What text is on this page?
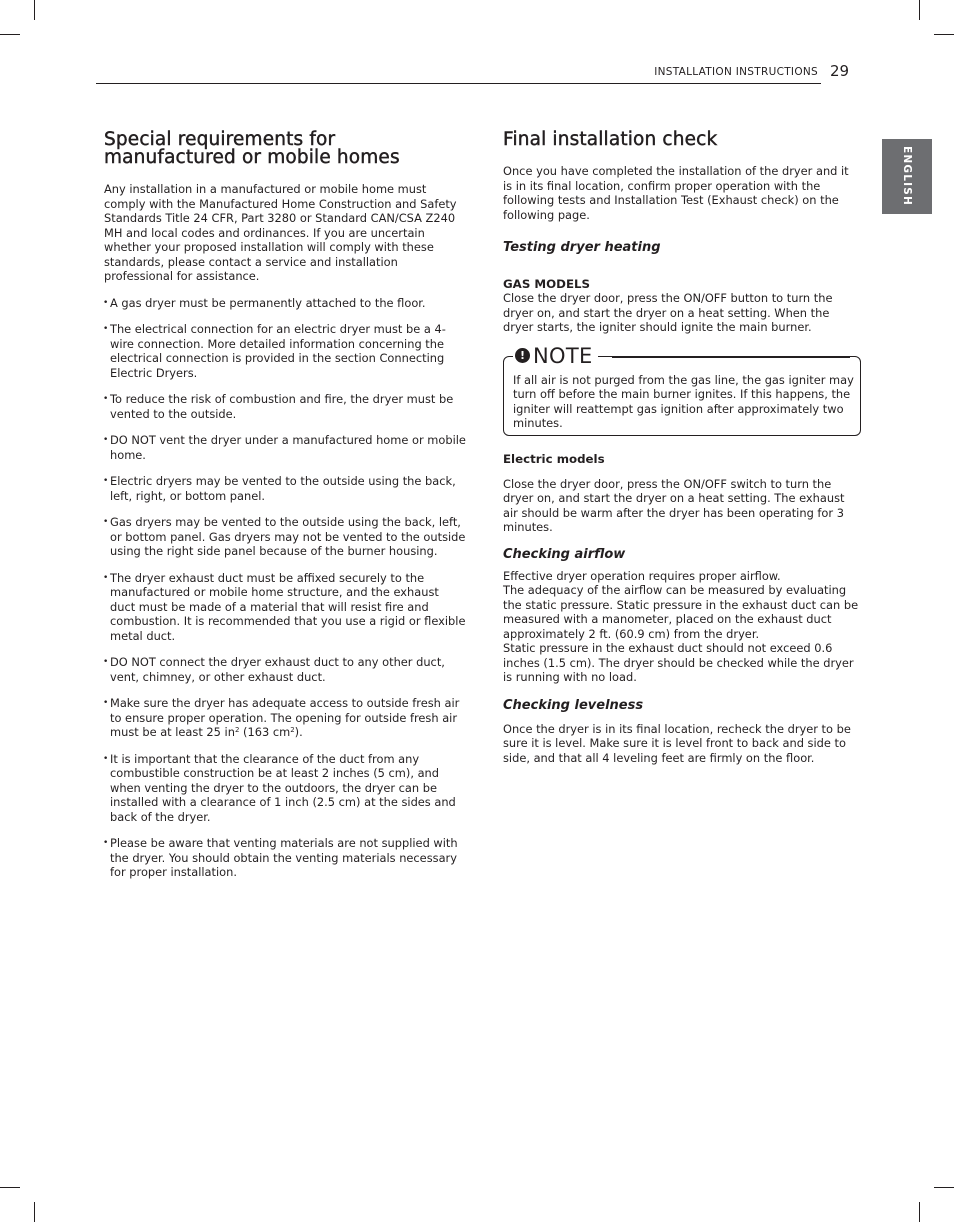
INSTALLATION INSTRUCTIONS 29
ENGLISH
Special requirements for
manufactured or mobile homes

Any installation in a manufactured or mobile home must comply with the Manufactured Home Construction and Safety Standards Title 24 CFR, Part 3280 or Standard CAN/CSA Z240 MH and local codes and ordinances. If you are uncertain whether your proposed installation will comply with these standards, please contact a service and installation professional for assistance.

• A gas dryer must be permanently attached to the floor.
• The electrical connection for an electric dryer must be a 4-wire connection. More detailed information concerning the electrical connection is provided in the section Connecting Electric Dryers.
• To reduce the risk of combustion and fire, the dryer must be vented to the outside.
• DO NOT vent the dryer under a manufactured home or mobile home.
• Electric dryers may be vented to the outside using the back, left, right, or bottom panel.
• Gas dryers may be vented to the outside using the back, left, or bottom panel. Gas dryers may not be vented to the outside using the right side panel because of the burner housing.
• The dryer exhaust duct must be affixed securely to the manufactured or mobile home structure, and the exhaust duct must be made of a material that will resist fire and combustion. It is recommended that you use a rigid or flexible metal duct.
• DO NOT connect the dryer exhaust duct to any other duct, vent, chimney, or other exhaust duct.
• Make sure the dryer has adequate access to outside fresh air to ensure proper operation. The opening for outside fresh air must be at least 25 $in^2$ (163 $cm^2$).
• It is important that the clearance of the duct from any combustible construction be at least 2 inches (5 cm), and when venting the dryer to the outdoors, the dryer can be installed with a clearance of 1 inch (2.5 cm) at the sides and back of the dryer.
• Please be aware that venting materials are not supplied with the dryer. You should obtain the venting materials necessary for proper installation.
Final installation check

Once you have completed the installation of the dryer and it is in its final location, confirm proper operation with the following tests and Installation Test (Exhaust check) on the following page.

Testing dryer heating
GAS MODELS

Close the dryer door, press the ON/OFF button to turn the dryer on, and start the dryer on a heat setting. When the dryer starts, the igniter should ignite the main burner.

! NOTE

If all air is not purged from the gas line, the gas igniter may turn off before the main burner ignites. If this happens, the igniter will reattempt gas ignition after approximately two minutes.

Electric models

Close the dryer door, press the ON/OFF switch to turn the dryer on, and start the dryer on a heat setting. The exhaust air should be warm after the dryer has been operating for 3 minutes.

Checking airflow

Effective dryer operation requires proper airflow.

The adequacy of the airflow can be measured by evaluating the static pressure. Static pressure in the exhaust duct can be measured with a manometer, placed on the exhaust duct approximately 2 ft. (60.9 cm) from the dryer.

Static pressure in the exhaust duct should not exceed 0.6 inches (1.5 cm). The dryer should be checked while the dryer is running with no load.

Checking levelness

Once the dryer is in its final location, recheck the dryer to be sure it is level. Make sure it is level front to back and side to side, and that all 4 leveling feet are firmly on the floor.
